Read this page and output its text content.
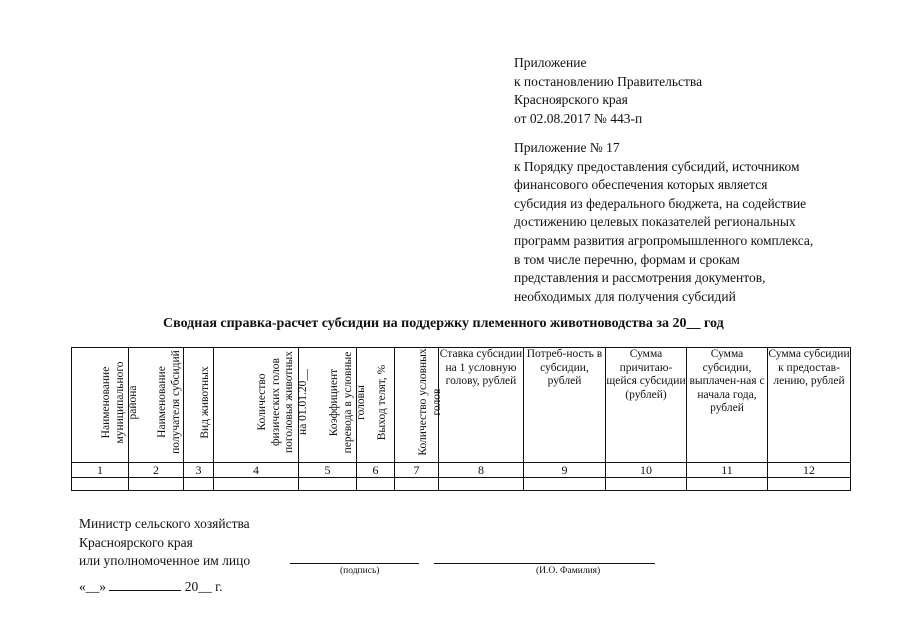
Приложение
к постановлению Правительства
Красноярского края
от 02.08.2017 № 443-п
Приложение № 17
к Порядку предоставления субсидий, источником
финансового обеспечения которых является
субсидия из федерального бюджета, на содействие
достижению целевых показателей региональных
программ развития агропромышленного комплекса,
в том числе перечню, формам и срокам
представления и рассмотрения документов,
необходимых для получения субсидий
Сводная справка-расчет субсидии на поддержку племенного животноводства за 20__ год
Наименование муниципального района	Наименование получателя субсидий	Вид животных	Количество физических голов поголовья животных на 01.01.20__	Коэффициент перевода в условные головы	Выход телят, %	Количество условных голов	Ставка субсидии на 1 условную голову, рублей	Потреб-ность в субсидии, рублей	Сумма причитаю-щейся субсидии (рублей)	Сумма субсидии, выплачен-ная с начала года, рублей	Сумма субсидии к предостав-лению, рублей
1	2	3	4	5	6	7	8	9	10	11	12

Министр сельского хозяйства
Красноярского края
или уполномоченное им лицо
(подпись)	(И.О. Фамилия)
«__»	20__ г.
